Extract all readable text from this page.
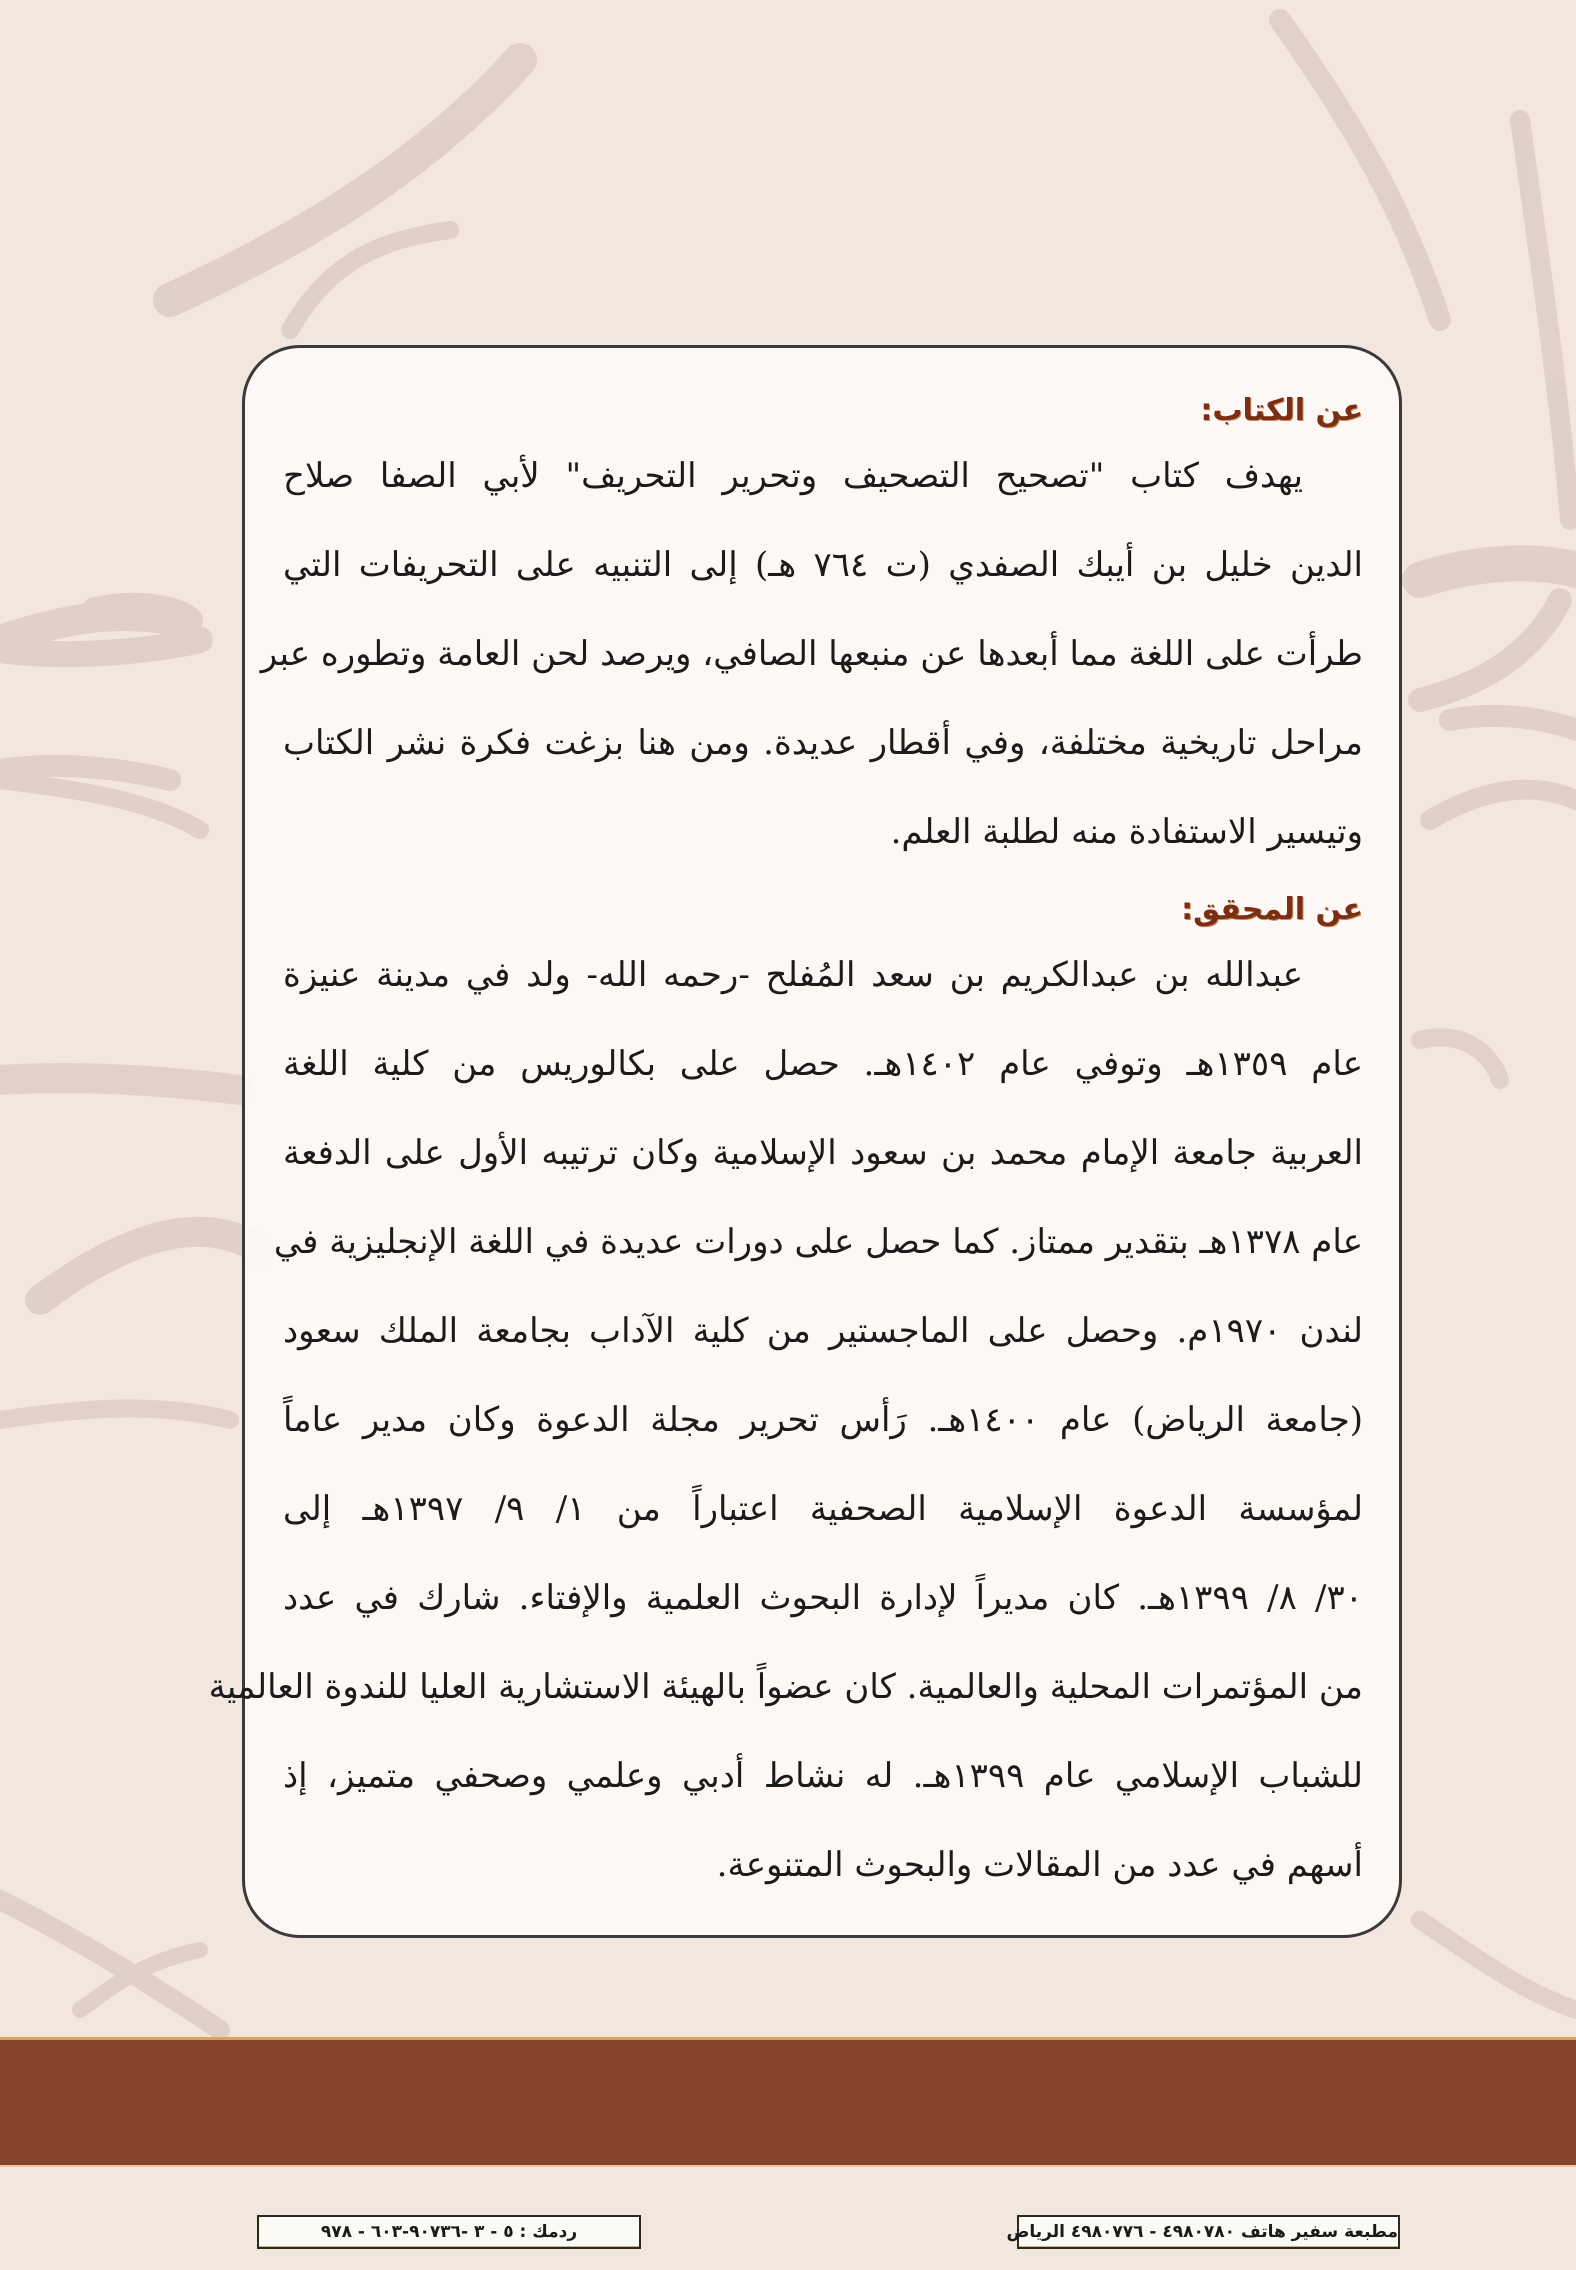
عن الكتاب:
يهدف كتاب "تصحيح التصحيف وتحرير التحريف" لأبي الصفا صلاح
الدين خليل بن أيبك الصفدي (ت ٧٦٤ هـ) إلى التنبيه على التحريفات التي
طرأت على اللغة مما أبعدها عن منبعها الصافي، ويرصد لحن العامة وتطوره عبر
مراحل تاريخية مختلفة، وفي أقطار عديدة. ومن هنا بزغت فكرة نشر الكتاب
وتيسير الاستفادة منه لطلبة العلم.
عن المحقق:
عبدالله بن عبدالكريم بن سعد المُفلح -رحمه الله- ولد في مدينة عنيزة
عام ١٣٥٩هـ وتوفي عام ١٤٠٢هـ. حصل على بكالوريس من كلية اللغة
العربية جامعة الإمام محمد بن سعود الإسلامية وكان ترتيبه الأول على الدفعة
عام ١٣٧٨هـ بتقدير ممتاز. كما حصل على دورات عديدة في اللغة الإنجليزية في
لندن ١٩٧٠م. وحصل على الماجستير من كلية الآداب بجامعة الملك سعود
(جامعة الرياض) عام ١٤٠٠هـ. رَأس تحرير مجلة الدعوة وكان مدير عاماً
لمؤسسة الدعوة الإسلامية الصحفية اعتباراً من ١/ ٩/ ١٣٩٧هـ إلى
٣٠/ ٨/ ١٣٩٩هـ. كان مديراً لإدارة البحوث العلمية والإفتاء. شارك في عدد
من المؤتمرات المحلية والعالمية. كان عضواً بالهيئة الاستشارية العليا للندوة العالمية
للشباب الإسلامي عام ١٣٩٩هـ. له نشاط أدبي وعلمي وصحفي متميز، إذ
أسهم في عدد من المقالات والبحوث المتنوعة.
ردمك : ٥ - ٣ -٩٠٧٣٦-٦٠٣ - ٩٧٨	مطبعة سفير هاتف ٤٩٨٠٧٨٠ - ٤٩٨٠٧٧٦ الرياض
